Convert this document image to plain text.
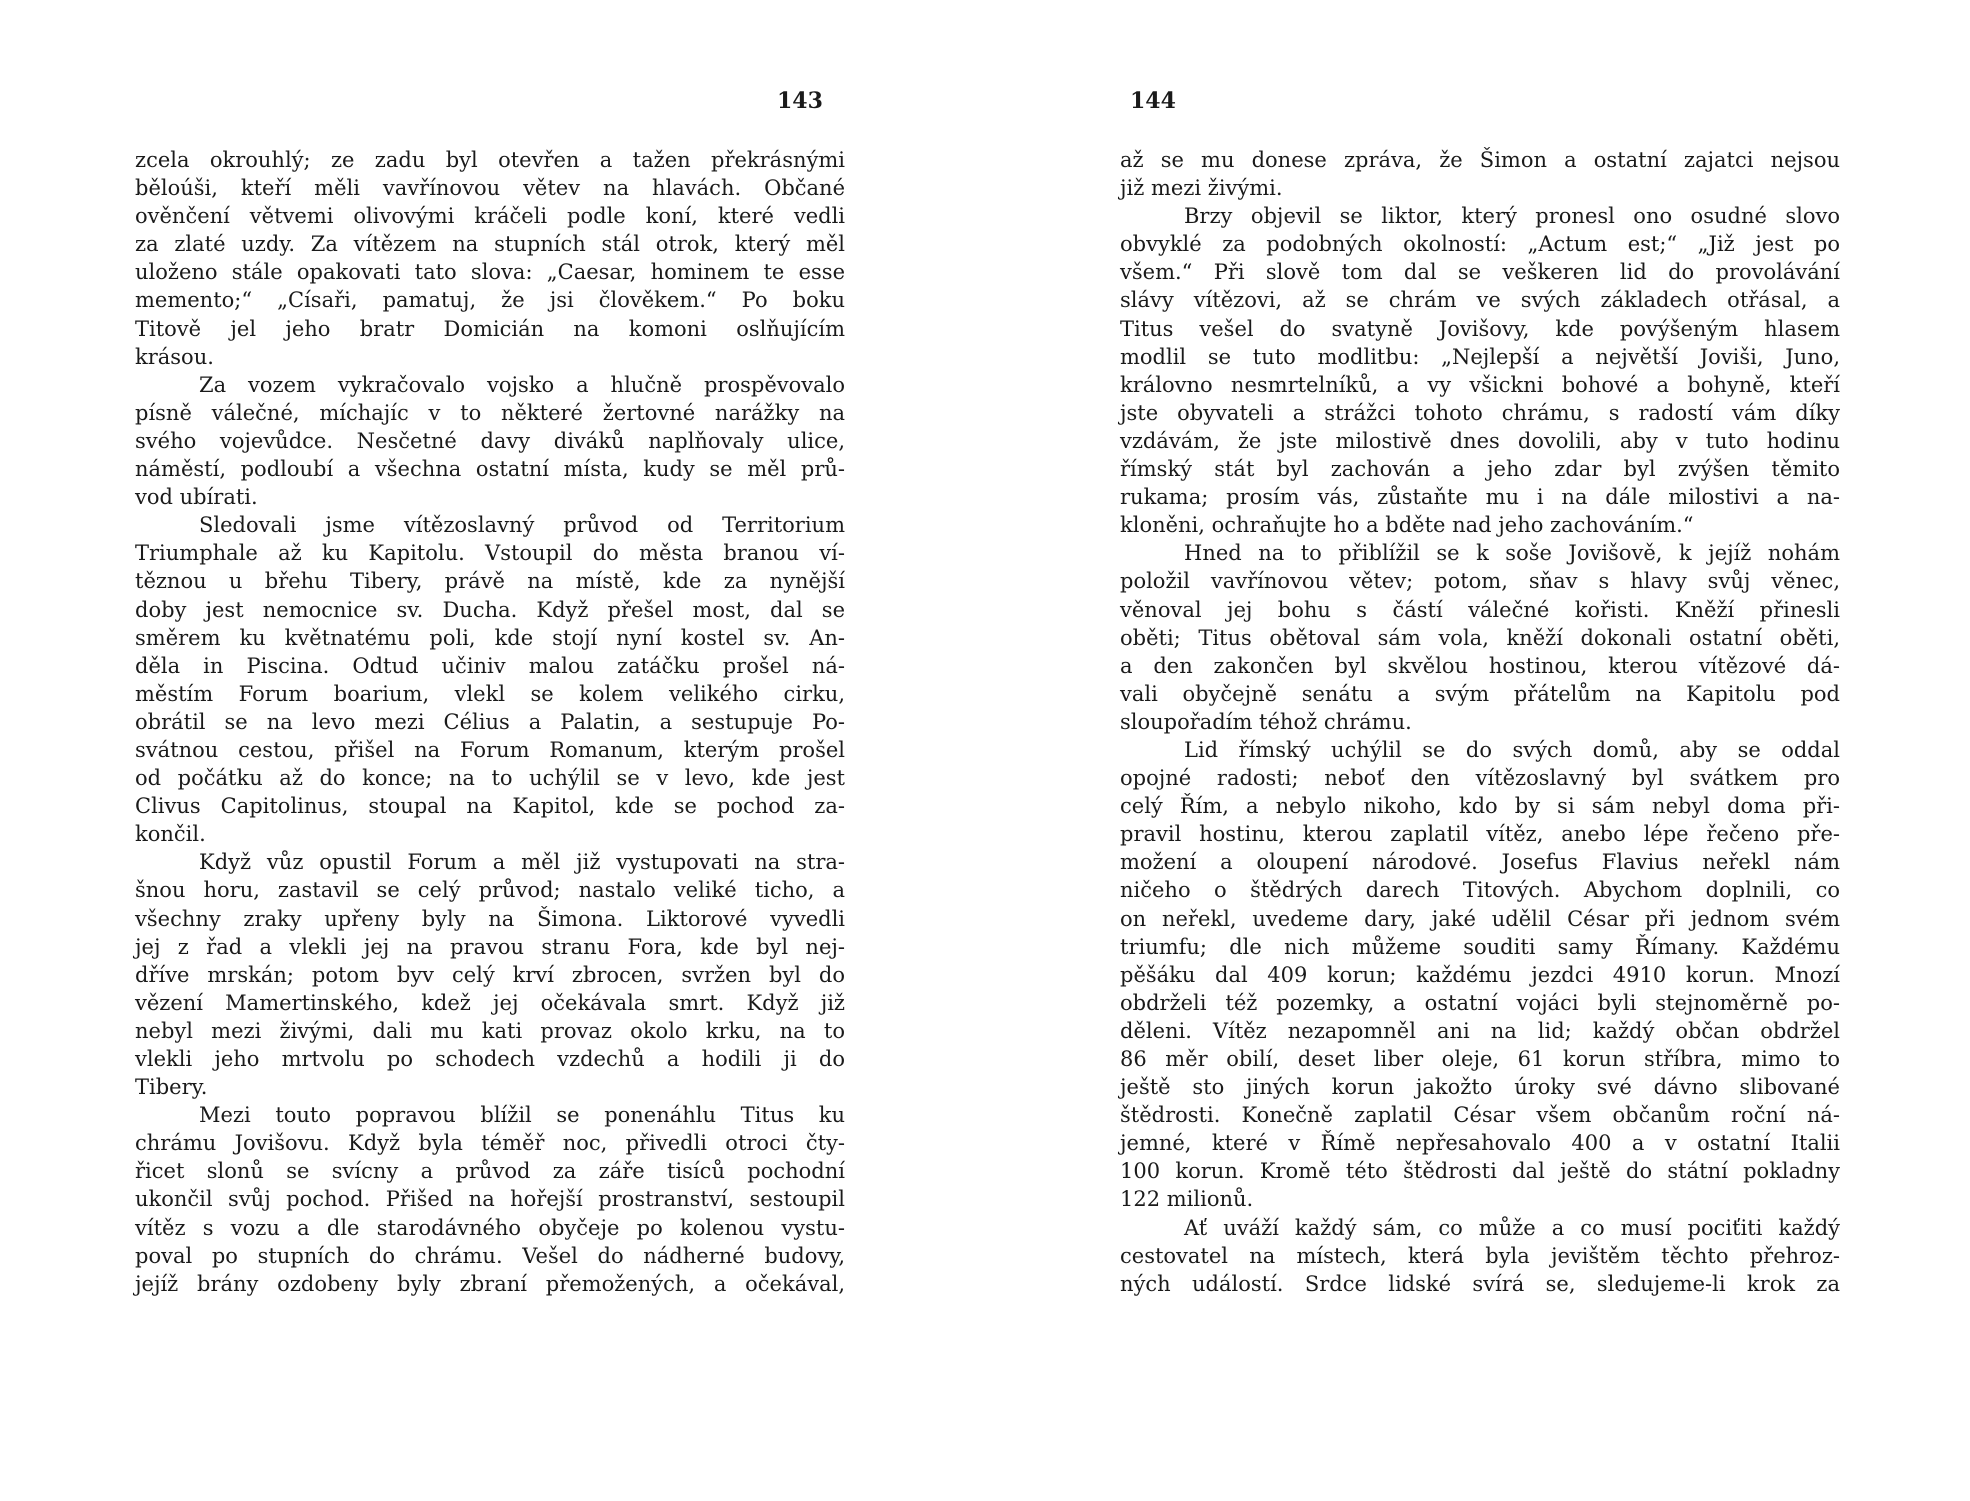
143
zcela okrouhlý; ze zadu byl otevřen a tažen překrásnými
běloúši, kteří měli vavřínovou větev na hlavách. Občané
ověnčení větvemi olivovými kráčeli podle koní, které vedli
za zlaté uzdy. Za vítězem na stupních stál otrok, který měl
uloženo stále opakovati tato slova: „Caesar, hominem te esse
memento;“ „Císaři, pamatuj, že jsi člověkem.“ Po boku
Titově jel jeho bratr Domicián na komoni oslňujícím
krásou.
Za vozem vykračovalo vojsko a hlučně prospěvovalo
písně válečné, míchajíc v to některé žertovné narážky na
svého vojevůdce. Nesčetné davy diváků naplňovaly ulice,
náměstí, podloubí a všechna ostatní místa, kudy se měl prů-
vod ubírati.
Sledovali jsme vítězoslavný průvod od Territorium
Triumphale až ku Kapitolu. Vstoupil do města branou ví-
těznou u břehu Tibery, právě na místě, kde za nynější
doby jest nemocnice sv. Ducha. Když přešel most, dal se
směrem ku květnatému poli, kde stojí nyní kostel sv. An-
děla in Piscina. Odtud učiniv malou zatáčku prošel ná-
městím Forum boarium, vlekl se kolem velikého cirku,
obrátil se na levo mezi Célius a Palatin, a sestupuje Po-
svátnou cestou, přišel na Forum Romanum, kterým prošel
od počátku až do konce; na to uchýlil se v levo, kde jest
Clivus Capitolinus, stoupal na Kapitol, kde se pochod za-
končil.
Když vůz opustil Forum a měl již vystupovati na stra-
šnou horu, zastavil se celý průvod; nastalo veliké ticho, a
všechny zraky upřeny byly na Šimona. Liktorové vyvedli
jej z řad a vlekli jej na pravou stranu Fora, kde byl nej-
dříve mrskán; potom byv celý krví zbrocen, svržen byl do
vězení Mamertinského, kdež jej očekávala smrt. Když již
nebyl mezi živými, dali mu kati provaz okolo krku, na to
vlekli jeho mrtvolu po schodech vzdechů a hodili ji do
Tibery.
Mezi touto popravou blížil se ponenáhlu Titus ku
chrámu Jovišovu. Když byla téměř noc, přivedli otroci čty-
řicet slonů se svícny a průvod za záře tisíců pochodní
ukončil svůj pochod. Přišed na hořejší prostranství, sestoupil
vítěz s vozu a dle starodávného obyčeje po kolenou vystu-
poval po stupních do chrámu. Vešel do nádherné budovy,
jejíž brány ozdobeny byly zbraní přemožených, a očekával,
144
až se mu donese zpráva, že Šimon a ostatní zajatci nejsou
již mezi živými.
Brzy objevil se liktor, který pronesl ono osudné slovo
obvyklé za podobných okolností: „Actum est;“ „Již jest po
všem.“ Při slově tom dal se veškeren lid do provolávání
slávy vítězovi, až se chrám ve svých základech otřásal, a
Titus vešel do svatyně Jovišovy, kde povýšeným hlasem
modlil se tuto modlitbu: „Nejlepší a největší Joviši, Juno,
královno nesmrtelníků, a vy všickni bohové a bohyně, kteří
jste obyvateli a strážci tohoto chrámu, s radostí vám díky
vzdávám, že jste milostivě dnes dovolili, aby v tuto hodinu
římský stát byl zachován a jeho zdar byl zvýšen těmito
rukama; prosím vás, zůstaňte mu i na dále milostivi a na-
kloněni, ochraňujte ho a bděte nad jeho zachováním.“
Hned na to přiblížil se k soše Jovišově, k jejíž nohám
položil vavřínovou větev; potom, sňav s hlavy svůj věnec,
věnoval jej bohu s částí válečné kořisti. Kněží přinesli
oběti; Titus obětoval sám vola, kněží dokonali ostatní oběti,
a den zakončen byl skvělou hostinou, kterou vítězové dá-
vali obyčejně senátu a svým přátelům na Kapitolu pod
sloupořadím téhož chrámu.
Lid římský uchýlil se do svých domů, aby se oddal
opojné radosti; neboť den vítězoslavný byl svátkem pro
celý Řím, a nebylo nikoho, kdo by si sám nebyl doma při-
pravil hostinu, kterou zaplatil vítěz, anebo lépe řečeno pře-
možení a oloupení národové. Josefus Flavius neřekl nám
ničeho o štědrých darech Titových. Abychom doplnili, co
on neřekl, uvedeme dary, jaké udělil César při jednom svém
triumfu; dle nich můžeme souditi samy Římany. Každému
pěšáku dal 409 korun; každému jezdci 4910 korun. Mnozí
obdrželi též pozemky, a ostatní vojáci byli stejnoměrně po-
děleni. Vítěz nezapomněl ani na lid; každý občan obdržel
86 měr obilí, deset liber oleje, 61 korun stříbra, mimo to
ještě sto jiných korun jakožto úroky své dávno slibované
štědrosti. Konečně zaplatil César všem občanům roční ná-
jemné, které v Římě nepřesahovalo 400 a v ostatní Italii
100 korun. Kromě této štědrosti dal ještě do státní pokladny
122 milionů.
Ať uváží každý sám, co může a co musí pociťiti každý
cestovatel na místech, která byla jevištěm těchto přehroz-
ných událostí. Srdce lidské svírá se, sledujeme-li krok za
